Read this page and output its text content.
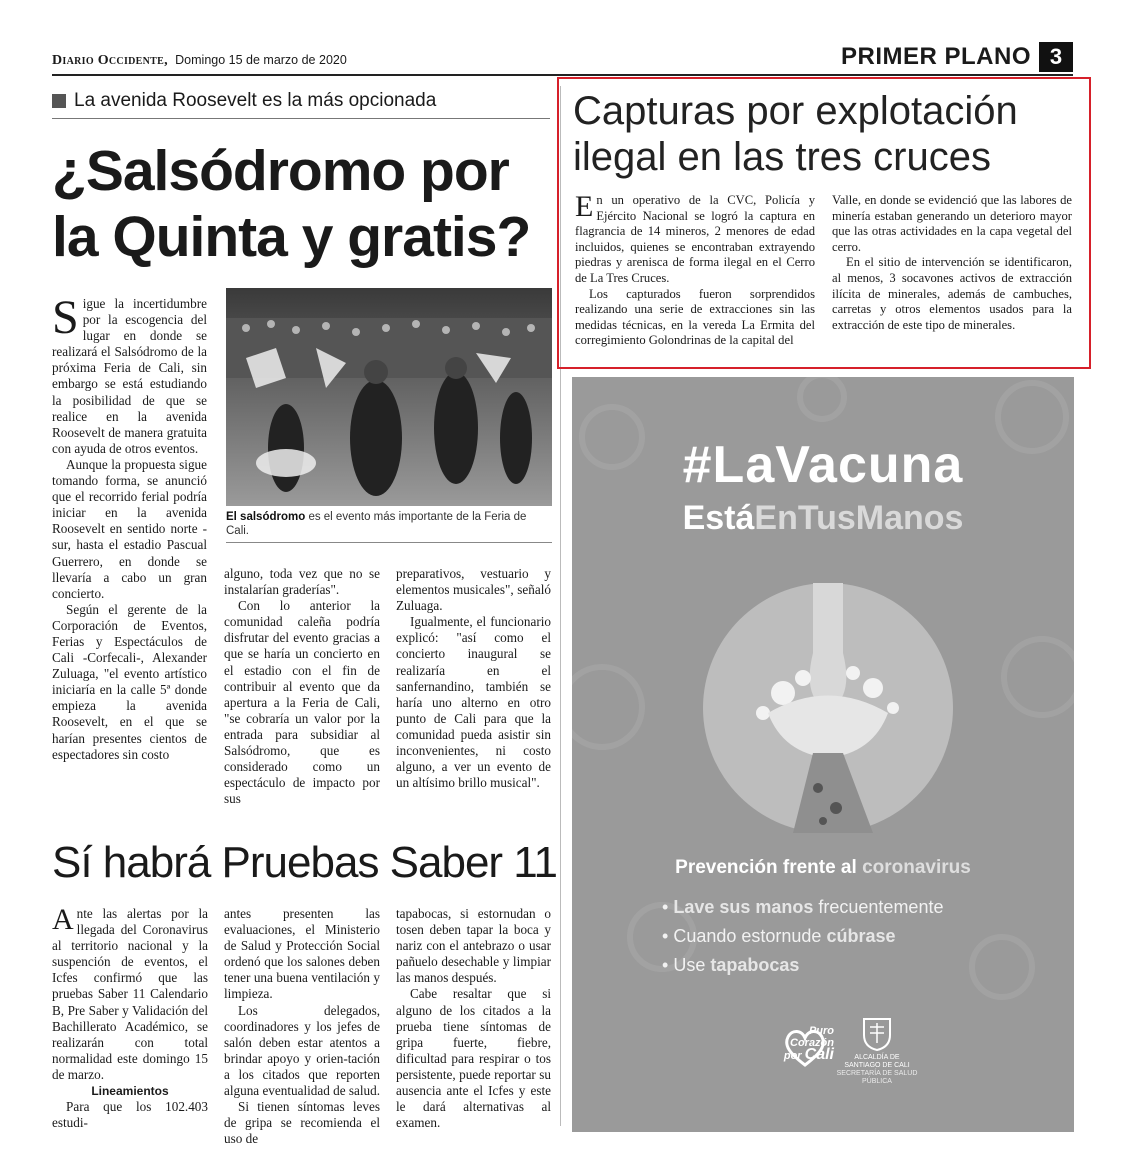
Diario Occidente, Domingo 15 de marzo de 2020	PRIMER PLANO 3
La avenida Roosevelt es la más opcionada
¿Salsódromo por la Quinta y gratis?

Sigue la incertidumbre por la escogencia del lugar en donde se realizará el Salsódromo de la próxima Feria de Cali, sin embargo se está estudiando la posibilidad de que se realice en la avenida Roosevelt de manera gratuita con ayuda de otros eventos.

Aunque la propuesta sigue tomando forma, se anunció que el recorrido ferial podría iniciar en la avenida Roosevelt en sentido norte - sur, hasta el estadio Pascual Guerrero, en donde se llevaría a cabo un gran concierto.

Según el gerente de la Corporación de Eventos, Ferias y Espectáculos de Cali -Corfecali-, Alexander Zuluaga, "el evento artístico iniciaría en la calle 5ª donde empieza la avenida Roosevelt, en el que se harían presentes cientos de espectadores sin costo

El salsódromo es el evento más importante de la Feria de Cali.

alguno, toda vez que no se instalarían graderías".

Con lo anterior la comunidad caleña podría disfrutar del evento gracias a que se haría un concierto en el estadio con el fin de contribuir al evento que da apertura a la Feria de Cali, "se cobraría un valor por la entrada para subsidiar al Salsódromo, que es considerado como un espectáculo de impacto por sus

preparativos, vestuario y elementos musicales", señaló Zuluaga.

Igualmente, el funcionario explicó: "así como el concierto inaugural se realizaría en el sanfernandino, también se haría uno alterno en otro punto de Cali para que la comunidad pueda asistir sin inconvenientes, ni costo alguno, a ver un evento de un altísimo brillo musical".

Sí habrá Pruebas Saber 11

Ante las alertas por la llegada del Coronavirus al territorio nacional y la suspención de eventos, el Icfes confirmó que las pruebas Saber 11 Calendario B, Pre Saber y Validación del Bachillerato Académico, se realizarán con total normalidad este domingo 15 de marzo.

Lineamientos

Para que los 102.403 estudi-

antes presenten las evaluaciones, el Ministerio de Salud y Protección Social ordenó que los salones deben tener una buena ventilación y limpieza.

Los delegados, coordinadores y los jefes de salón deben estar atentos a brindar apoyo y orien-tación a los citados que reporten alguna eventualidad de salud.

Si tienen síntomas leves de gripa se recomienda el uso de

tapabocas, si estornudan o tosen deben tapar la boca y nariz con el antebrazo o usar pañuelo desechable y limpiar las manos después.

Cabe resaltar que si alguno de los citados a la prueba tiene síntomas de gripa fuerte, fiebre, dificultad para respirar o tos persistente, puede reportar su ausencia ante el Icfes y este le dará alternativas al examen.

Capturas por explotación ilegal en las tres cruces

En un operativo de la CVC, Policía y Ejército Nacional se logró la captura en flagrancia de 14 mineros, 2 menores de edad incluidos, quienes se encontraban extrayendo piedras y arenisca de forma ilegal en el Cerro de La Tres Cruces.

Los capturados fueron sorprendidos realizando una serie de extracciones sin las medidas técnicas, en la vereda La Ermita del corregimiento Golondrinas de la capital del

Valle, en donde se evidenció que las labores de minería estaban generando un deterioro mayor que las otras actividades en la capa vegetal del cerro.

En el sitio de intervención se identificaron, al menos, 3 socavones activos de extracción ilícita de minerales, además de cambuches, carretas y otros elementos usados para la extracción de este tipo de minerales.

#LaVacuna
EstáEnTusManos
Prevención frente al coronavirus
• Lave sus manos frecuentemente
• Cuando estornude cúbrase
• Use tapabocas
Puro
Corazón
por Cali	ALCALDÍA DE
SANTIAGO DE CALI
SECRETARÍA DE SALUD PÚBLICA
